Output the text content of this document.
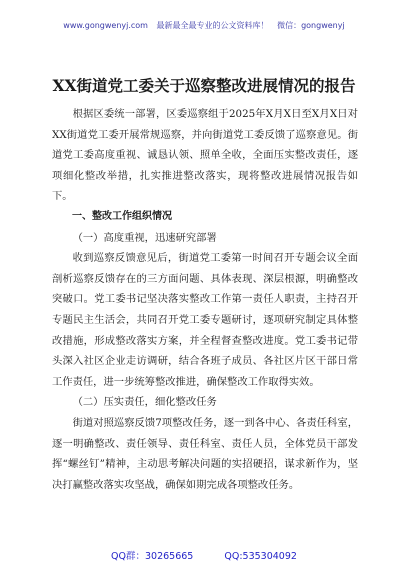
www.gongwenyj.com 最新最全最专业的公文资料库！ 微信：gongwenyj
XX街道党工委关于巡察整改进展情况的报告

根据区委统一部署，区委巡察组于2025年X月X日至X月X日对XX街道党工委开展常规巡察，并向街道党工委反馈了巡察意见。街道党工委高度重视、诚恳认领、照单全收，全面压实整改责任，逐项细化整改举措，扎实推进整改落实，现将整改进展情况报告如下。

一、整改工作组织情况

（一）高度重视，迅速研究部署

收到巡察反馈意见后，街道党工委第一时间召开专题会议全面剖析巡察反馈存在的三方面问题、具体表现、深层根源，明确整改突破口。党工委书记坚决落实整改工作第一责任人职责，主持召开专题民主生活会，共同召开党工委专题研讨，逐项研究制定具体整改措施，形成整改落实方案，并全程督查整改进度。党工委书记带头深入社区企业走访调研，结合各班子成员、各社区片区干部日常工作责任，进一步统筹整改推进，确保整改工作取得实效。

（二）压实责任，细化整改任务

街道对照巡察反馈7项整改任务，逐一到各中心、各责任科室，逐一明确整改、责任领导、责任科室、责任人员，全体党员干部发挥“螺丝钉”精神，主动思考解决问题的实招硬招，谋求新作为，坚决打赢整改落实攻坚战，确保如期完成各项整改任务。

QQ群：30265665	QQ:535304092
